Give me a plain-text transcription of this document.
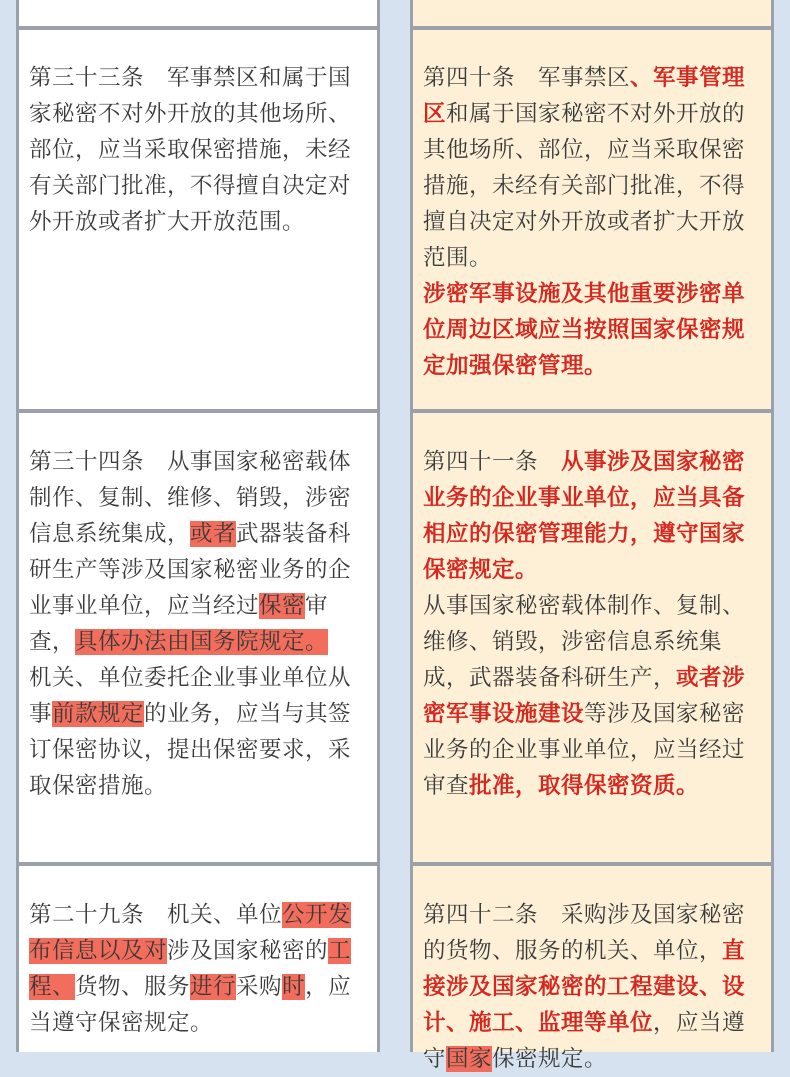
第三十三条　军事禁区和属于国家秘密不对外开放的其他场所、部位，应当采取保密措施，未经有关部门批准，不得擅自决定对外开放或者扩大开放范围。
第三十四条　从事国家秘密载体制作、复制、维修、销毁，涉密信息系统集成，或者武器装备科研生产等涉及国家秘密业务的企业事业单位，应当经过保密审查，具体办法由国务院规定。
机关、单位委托企业事业单位从事前款规定的业务，应当与其签订保密协议，提出保密要求，采取保密措施。
第二十九条　机关、单位公开发布信息以及对涉及国家秘密的工程、货物、服务进行采购时，应当遵守保密规定。
第四十条　军事禁区、军事管理区和属于国家秘密不对外开放的其他场所、部位，应当采取保密措施，未经有关部门批准，不得擅自决定对外开放或者扩大开放范围。
涉密军事设施及其他重要涉密单位周边区域应当按照国家保密规定加强保密管理。
第四十一条　从事涉及国家秘密业务的企业事业单位，应当具备相应的保密管理能力，遵守国家保密规定。
从事国家秘密载体制作、复制、维修、销毁，涉密信息系统集成，武器装备科研生产，或者涉密军事设施建设等涉及国家秘密业务的企业事业单位，应当经过审查批准，取得保密资质。
第四十二条　采购涉及国家秘密的货物、服务的机关、单位，直接涉及国家秘密的工程建设、设计、施工、监理等单位，应当遵守国家保密规定。
